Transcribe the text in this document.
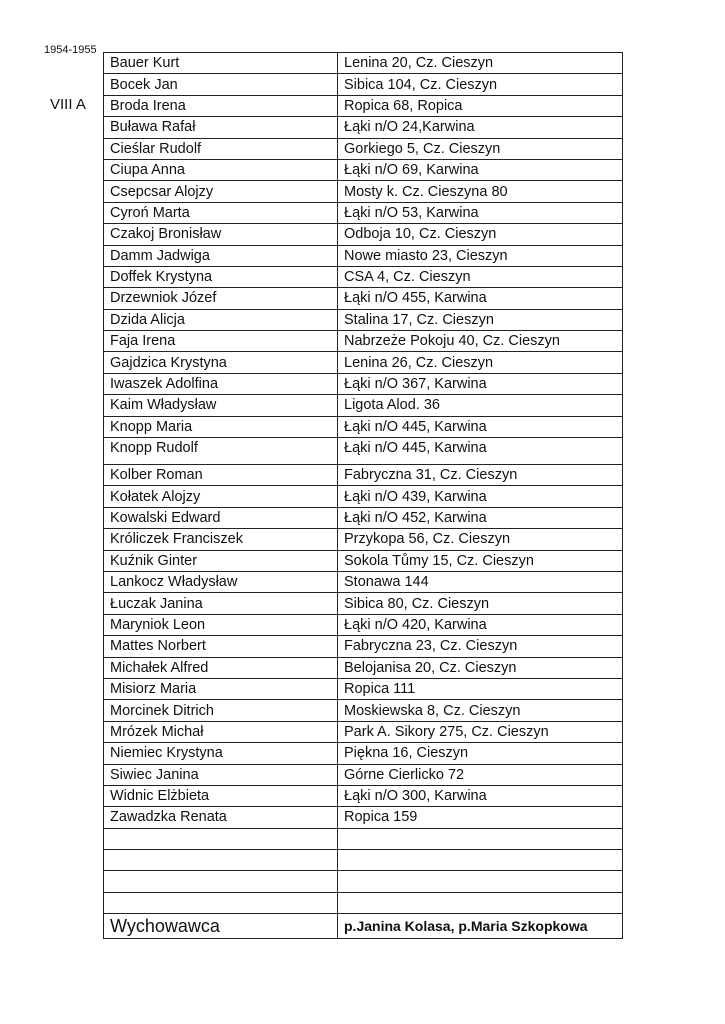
1954-1955
VIII A
Bauer Kurt	Lenina 20, Cz. Cieszyn
Bocek Jan	Sibica 104, Cz. Cieszyn
Broda Irena	Ropica 68, Ropica
Buława Rafał	Łąki n/O 24,Karwina
Cieślar Rudolf	Gorkiego 5, Cz. Cieszyn
Ciupa Anna	Łąki n/O 69, Karwina
Csepcsar Alojzy	Mosty k. Cz. Cieszyna 80
Cyroń Marta	Łąki n/O 53, Karwina
Czakoj Bronisław	Odboja 10, Cz. Cieszyn
Damm Jadwiga	Nowe miasto 23, Cieszyn
Doffek Krystyna	CSA 4, Cz. Cieszyn
Drzewniok Józef	Łąki n/O 455, Karwina
Dzida Alicja	Stalina 17, Cz. Cieszyn
Faja Irena	Nabrzeże Pokoju 40, Cz. Cieszyn
Gajdzica Krystyna	Lenina 26, Cz. Cieszyn
Iwaszek Adolfina	Łąki n/O 367, Karwina
Kaim Władysław	Ligota Alod. 36
Knopp Maria	Łąki n/O 445, Karwina
Knopp Rudolf	Łąki n/O 445, Karwina
Kolber Roman	Fabryczna 31, Cz. Cieszyn
Kołatek Alojzy	Łąki n/O 439, Karwina
Kowalski Edward	Łąki n/O 452, Karwina
Króliczek Franciszek	Przykopa 56, Cz. Cieszyn
Kuźnik Ginter	Sokola Tůmy 15, Cz. Cieszyn
Lankocz Władysław	Stonawa 144
Łuczak Janina	Sibica 80, Cz. Cieszyn
Maryniok Leon	Łąki n/O 420, Karwina
Mattes Norbert	Fabryczna 23, Cz. Cieszyn
Michałek Alfred	Belojanisa 20, Cz. Cieszyn
Misiorz Maria	Ropica 111
Morcinek Ditrich	Moskiewska 8, Cz. Cieszyn
Mrózek Michał	Park A. Sikory 275, Cz. Cieszyn
Niemiec Krystyna	Piękna 16, Cieszyn
Siwiec Janina	Górne Cierlicko 72
Widnic Elżbieta	Łąki n/O 300, Karwina
Zawadzka Renata	Ropica 159

Wychowawca	p.Janina Kolasa, p.Maria Szkopkowa
